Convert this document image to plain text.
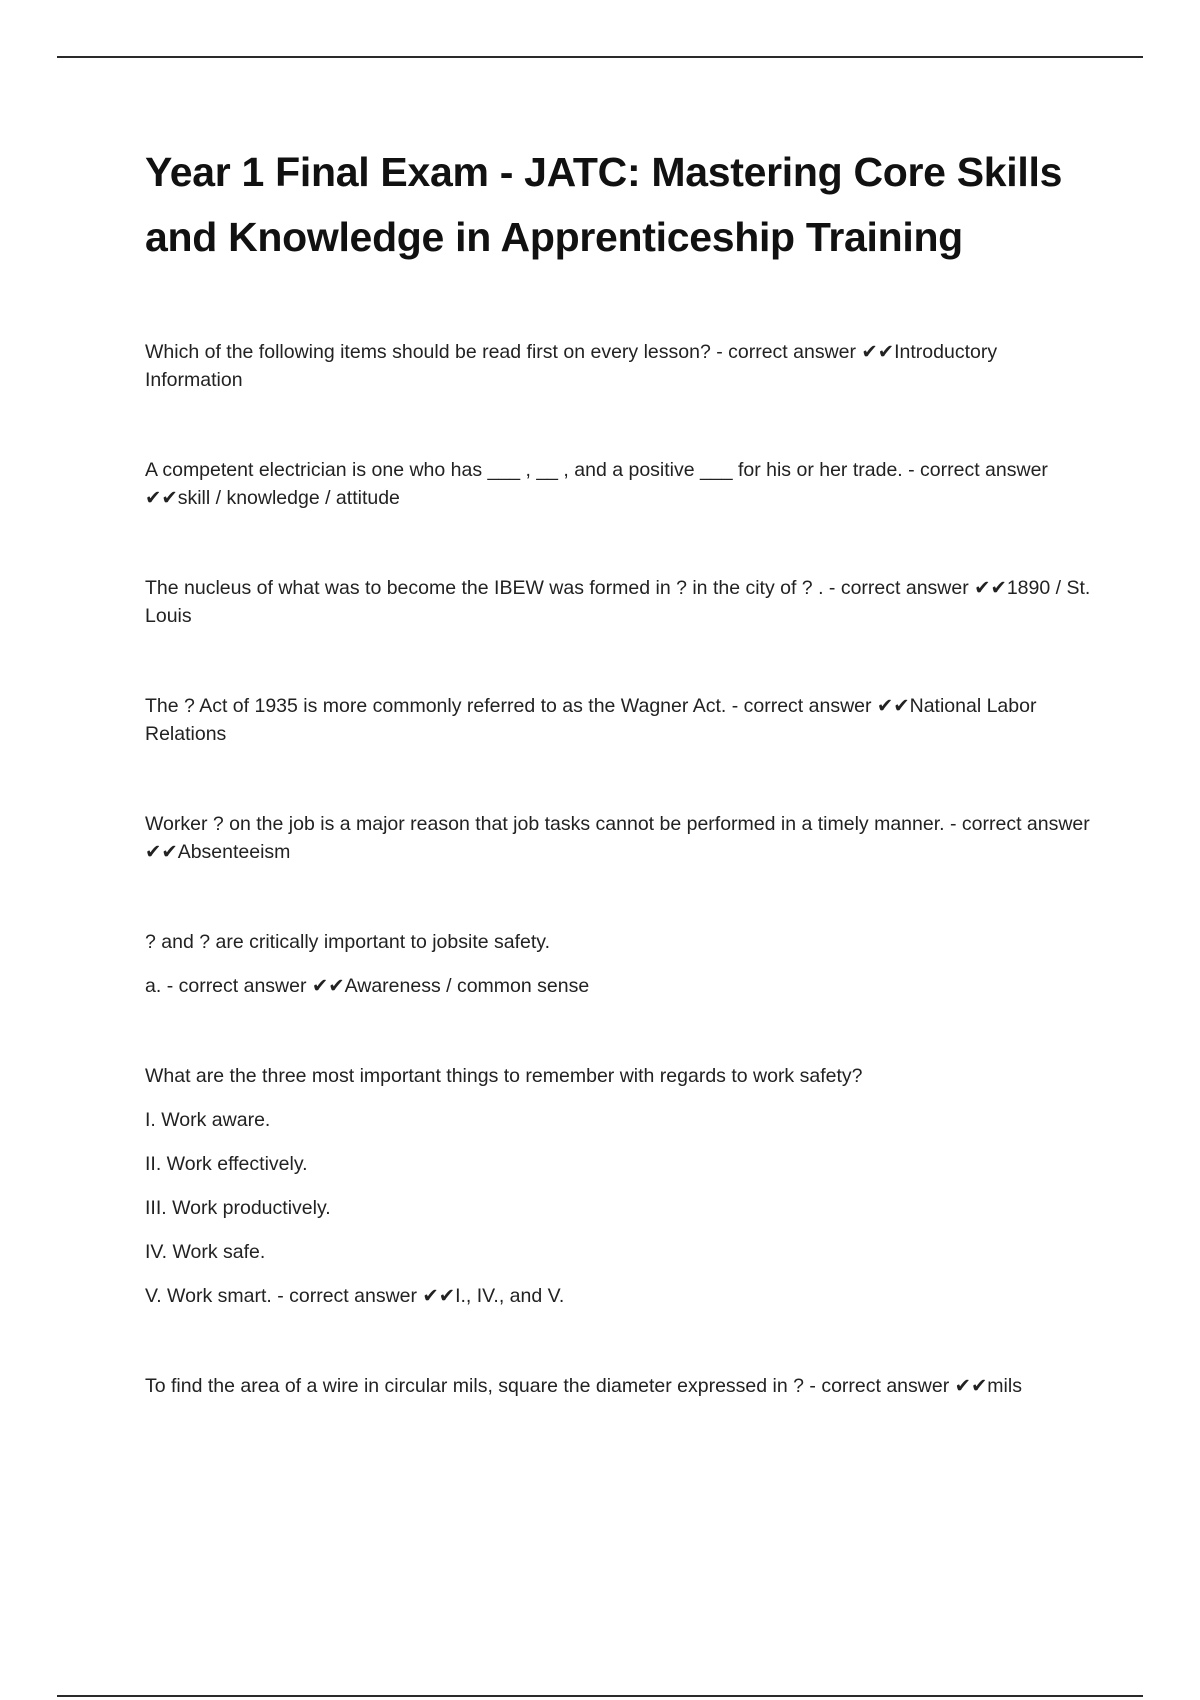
Year 1 Final Exam - JATC: Mastering Core Skills and Knowledge in Apprenticeship Training

Which of the following items should be read first on every lesson? - correct answer ✔✔Introductory Information

A competent electrician is one who has ___ , __ , and a positive ___ for his or her trade. - correct answer ✔✔skill / knowledge / attitude

The nucleus of what was to become the IBEW was formed in ? in the city of ? . - correct answer ✔✔1890 / St. Louis

The ? Act of 1935 is more commonly referred to as the Wagner Act. - correct answer ✔✔National Labor Relations

Worker ? on the job is a major reason that job tasks cannot be performed in a timely manner. - correct answer ✔✔Absenteeism

? and ? are critically important to jobsite safety.

a. - correct answer ✔✔Awareness / common sense

What are the three most important things to remember with regards to work safety?

I. Work aware.

II. Work effectively.

III. Work productively.

IV. Work safe.

V. Work smart. - correct answer ✔✔I., IV., and V.

To find the area of a wire in circular mils, square the diameter expressed in ? - correct answer ✔✔mils
